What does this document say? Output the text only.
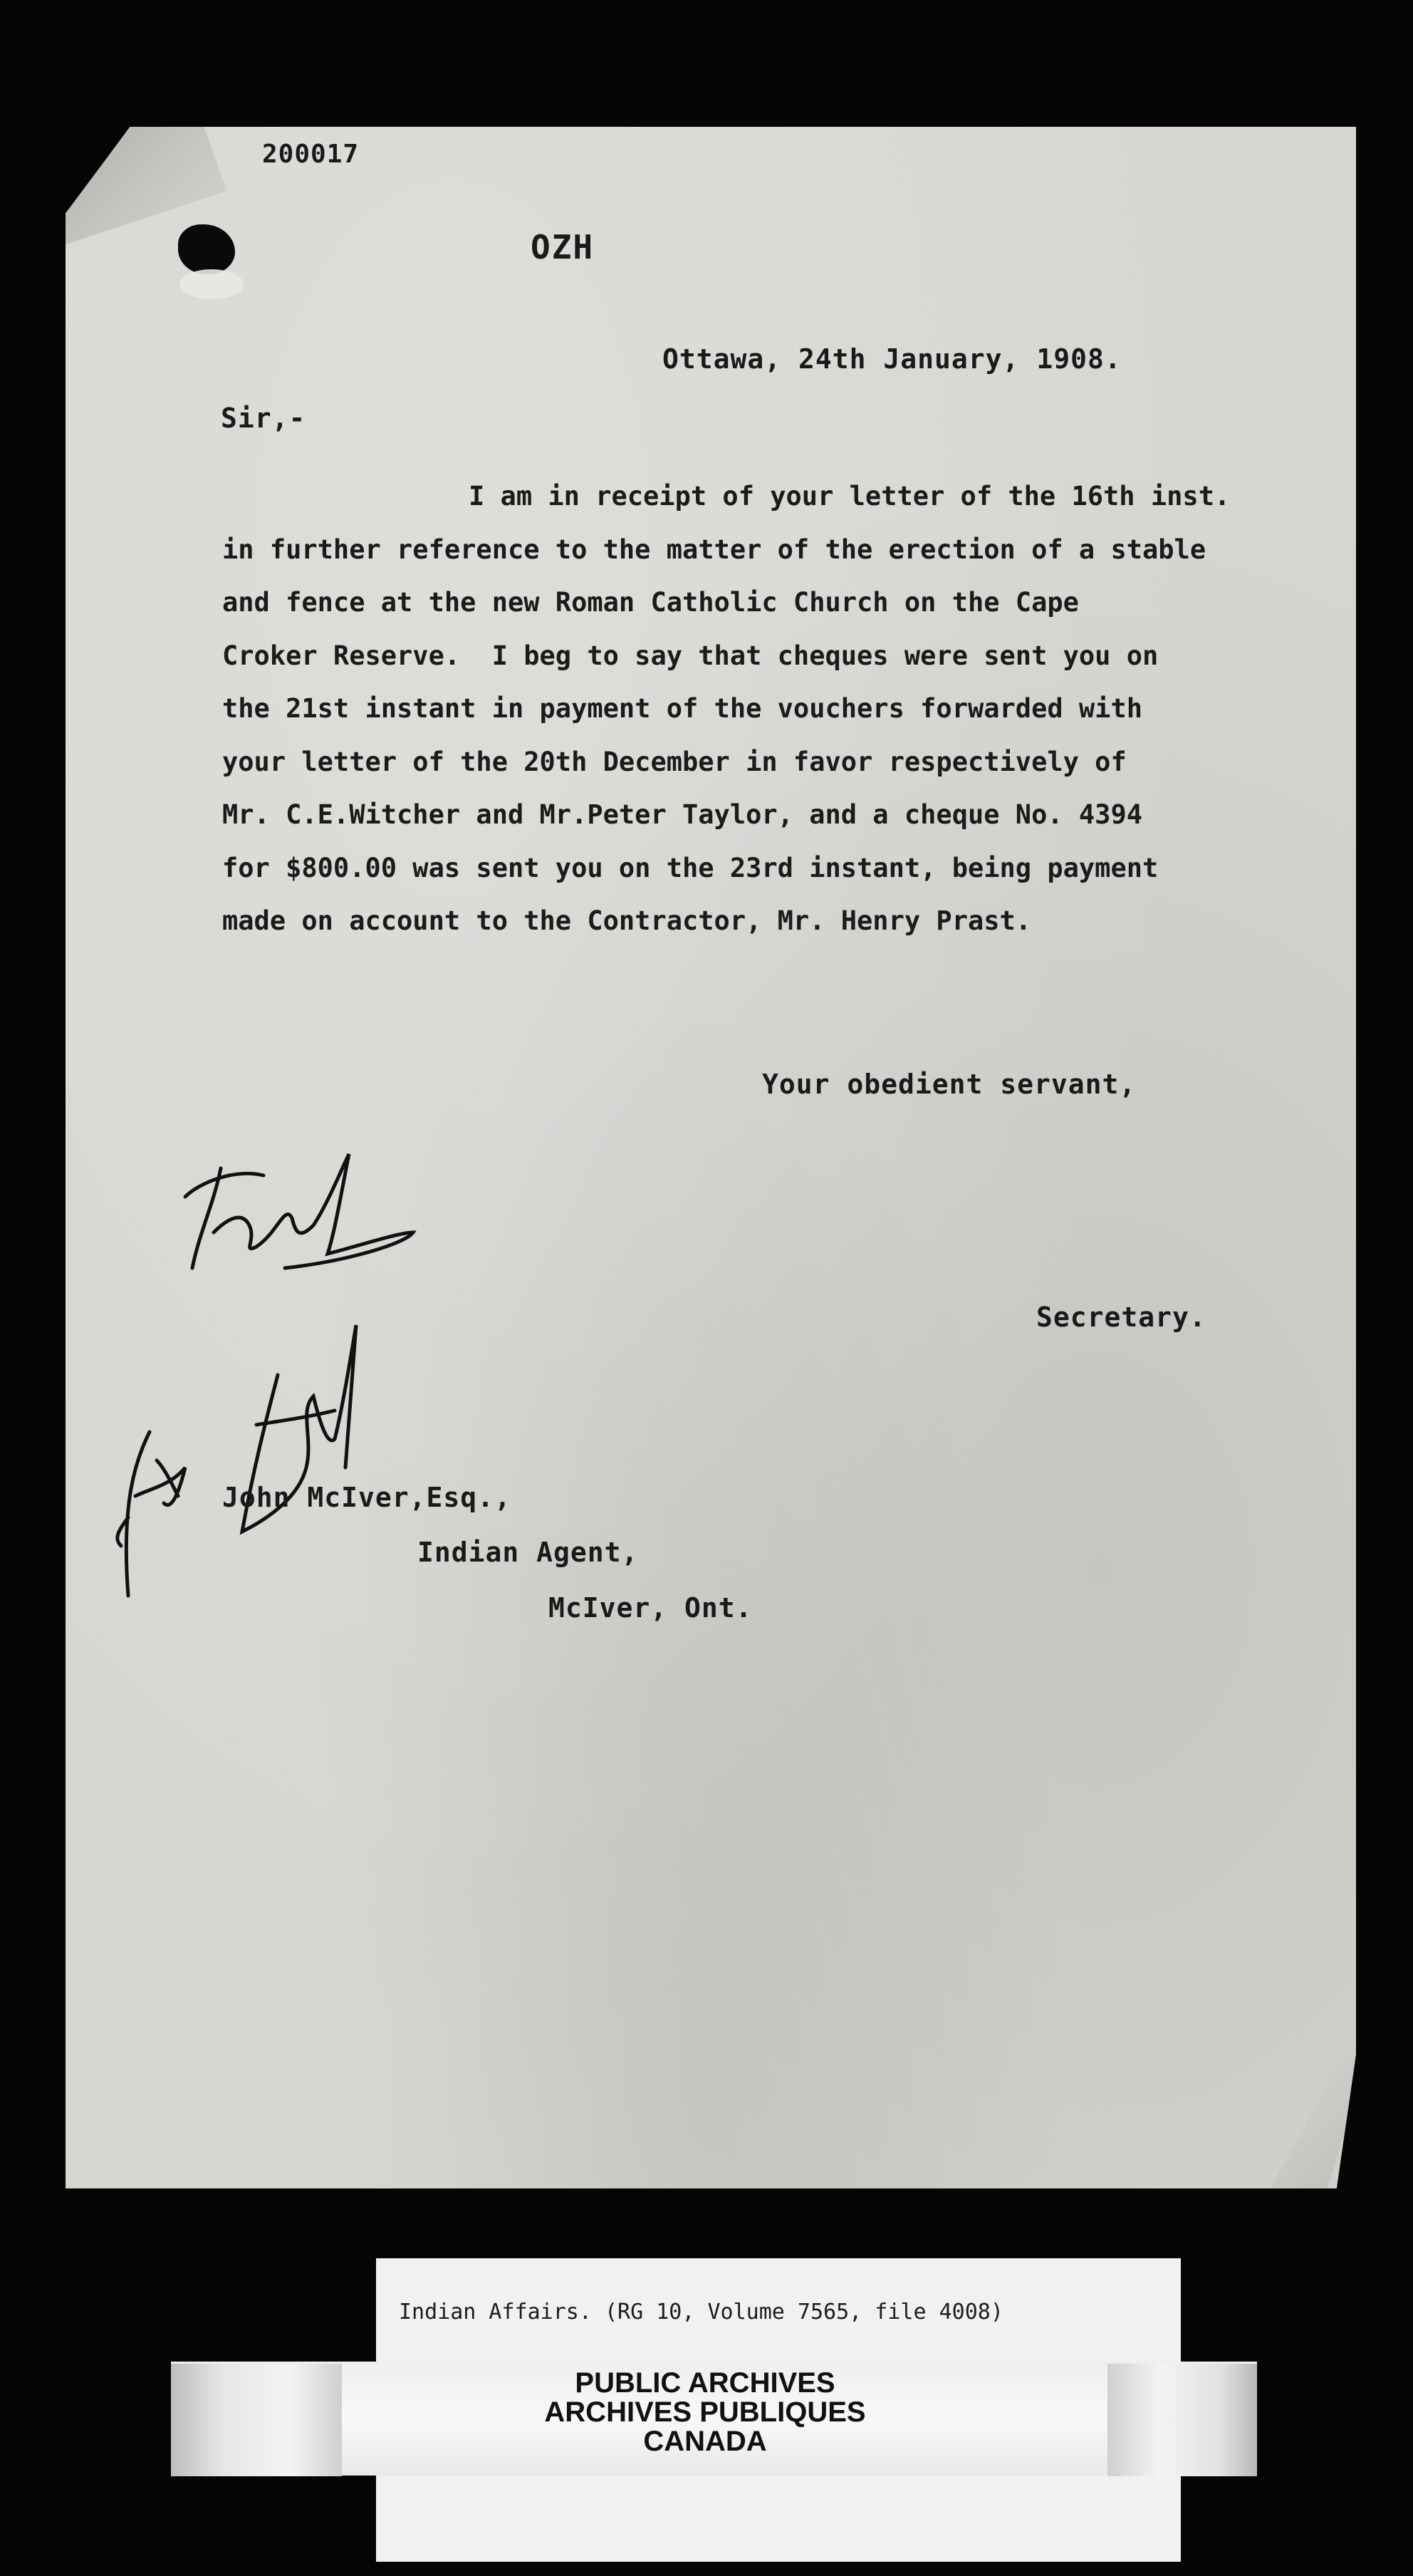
200017
OZH
Ottawa, 24th January, 1908.
Sir,-
I am in receipt of your letter of the 16th inst.
in further reference to the matter of the erection of a stable
and fence at the new Roman Catholic Church on the Cape
Croker Reserve.  I beg to say that cheques were sent you on
the 21st instant in payment of the vouchers forwarded with
your letter of the 20th December in favor respectively of
Mr. C.E.Witcher and Mr.Peter Taylor, and a cheque No. 4394
for $800.00 was sent you on the 23rd instant, being payment
made on account to the Contractor, Mr. Henry Prast.
Your obedient servant,
Secretary.
John McIver,Esq.,
Indian Agent,
McIver, Ont.
Indian Affairs. (RG 10, Volume 7565, file 4008)
PUBLIC ARCHIVES
ARCHIVES PUBLIQUES
CANADA
